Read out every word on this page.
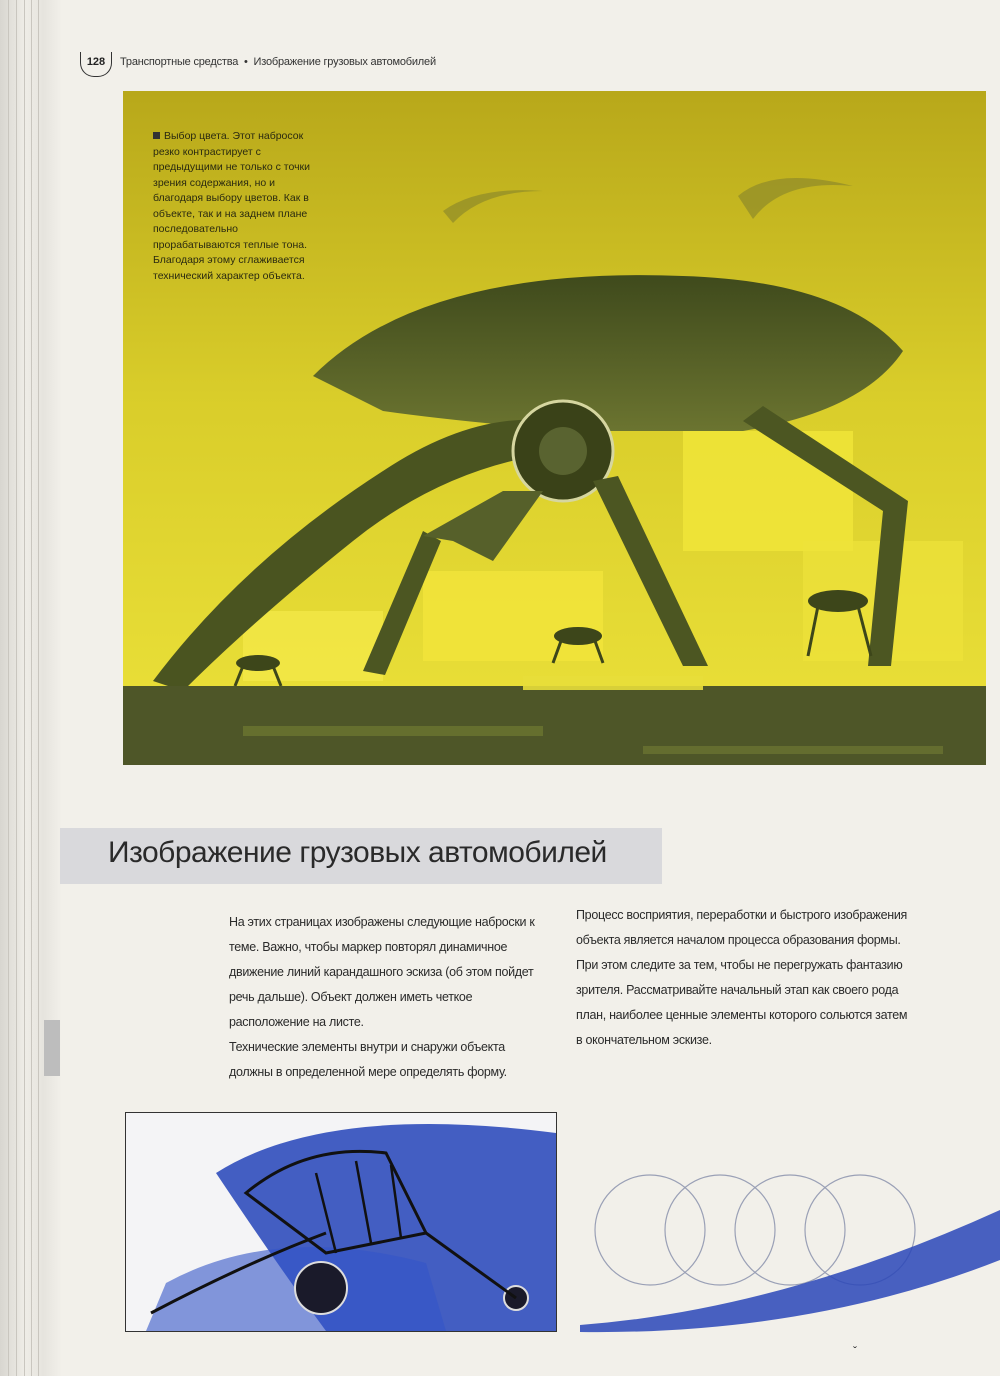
128	Транспортные средства • Изображение грузовых автомобилей
Выбор цвета. Этот набросок резко контрастирует с предыдущими не только с точки зрения содержания, но и благодаря выбору цветов. Как в объекте, так и на заднем плане последовательно прорабатываются теплые тона. Благодаря этому сглаживается технический характер объекта.
Изображение грузовых автомобилей

На этих страницах изображены следующие наброски к теме. Важно, чтобы маркер повторял динамичное движение линий карандашного эскиза (об этом пойдет речь дальше). Объект должен иметь четкое расположение на листе.

Технические элементы внутри и снаружи объекта должны в определенной мере определять форму.

Процесс восприятия, переработки и быстрого изображения объекта является началом процесса образования формы. При этом следите за тем, чтобы не перегружать фантазию зрителя. Рассматривайте начальный этап как своего рода план, наиболее ценные элементы которого сольются затем в окончательном эскизе.

ˇ
